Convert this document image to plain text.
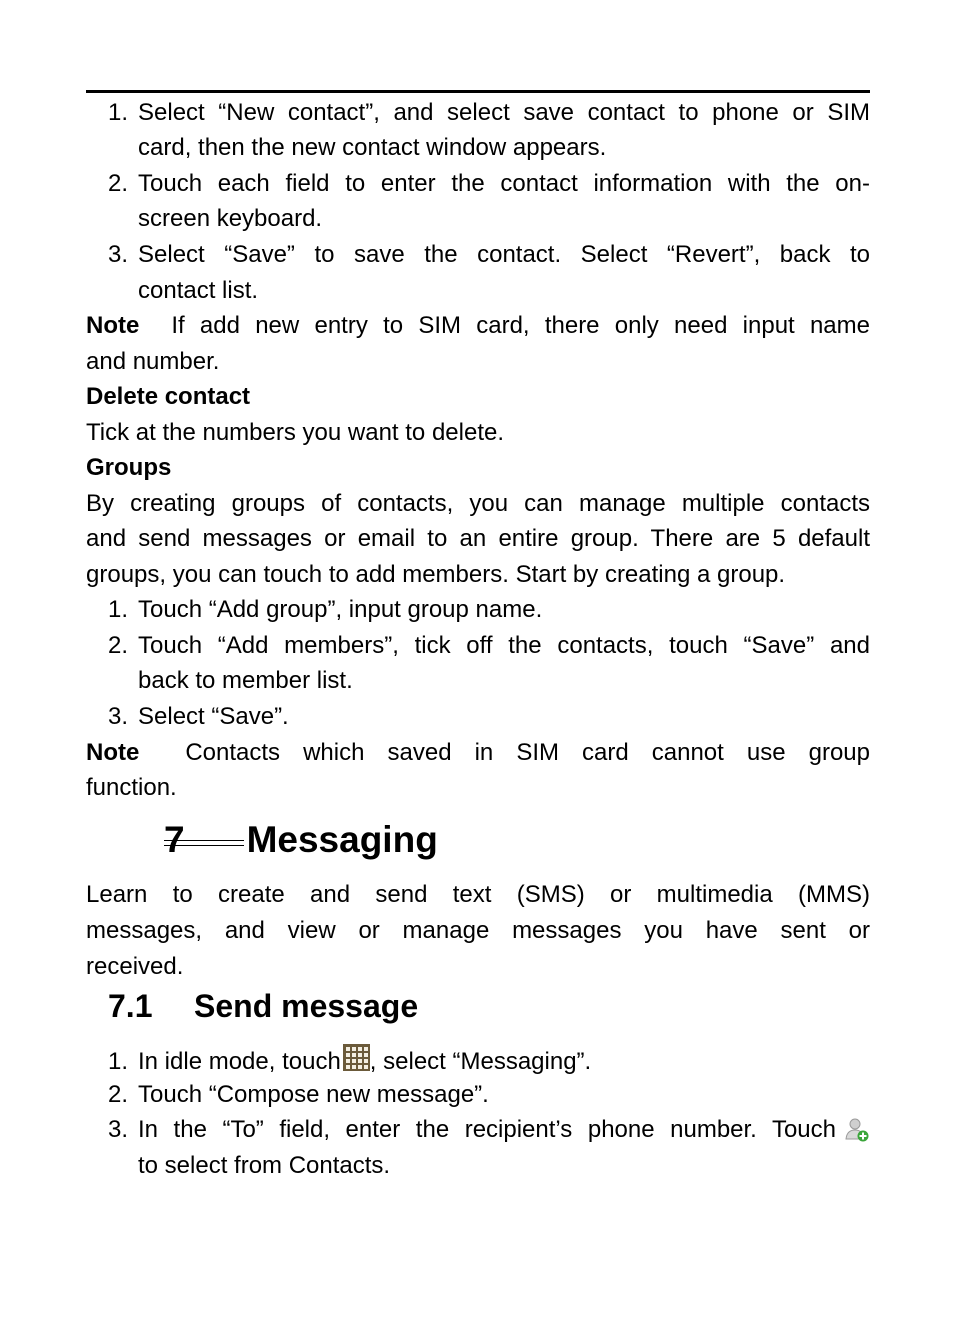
1. Select “New contact”, and select save contact to phone or SIM
card, then the new contact window appears.
2. Touch each field to enter the contact information with the on-
screen keyboard.
3. Select “Save” to save the contact. Select “Revert”, back to
contact list.
Note If add new entry to SIM card, there only need input name
and number.
Delete contact
Tick at the numbers you want to delete.
Groups
By creating groups of contacts, you can manage multiple contacts
and send messages or email to an entire group. There are 5 default
groups, you can touch to add members. Start by creating a group.
1. Touch “Add group”, input group name.
2. Touch “Add members”, tick off the contacts, touch “Save” and
back to member list.
3. Select “Save”.
Note Contacts which saved in SIM card cannot use group
function.
7 Messaging
Learn to create and send text (SMS) or multimedia (MMS)
messages, and view or manage messages you have sent or
received.
7.1 Send message
1. In idle mode, touch , select “Messaging”.
2. Touch “Compose new message”.
3. In the “To” field, enter the recipient’s phone number. Touch
to select from Contacts.
